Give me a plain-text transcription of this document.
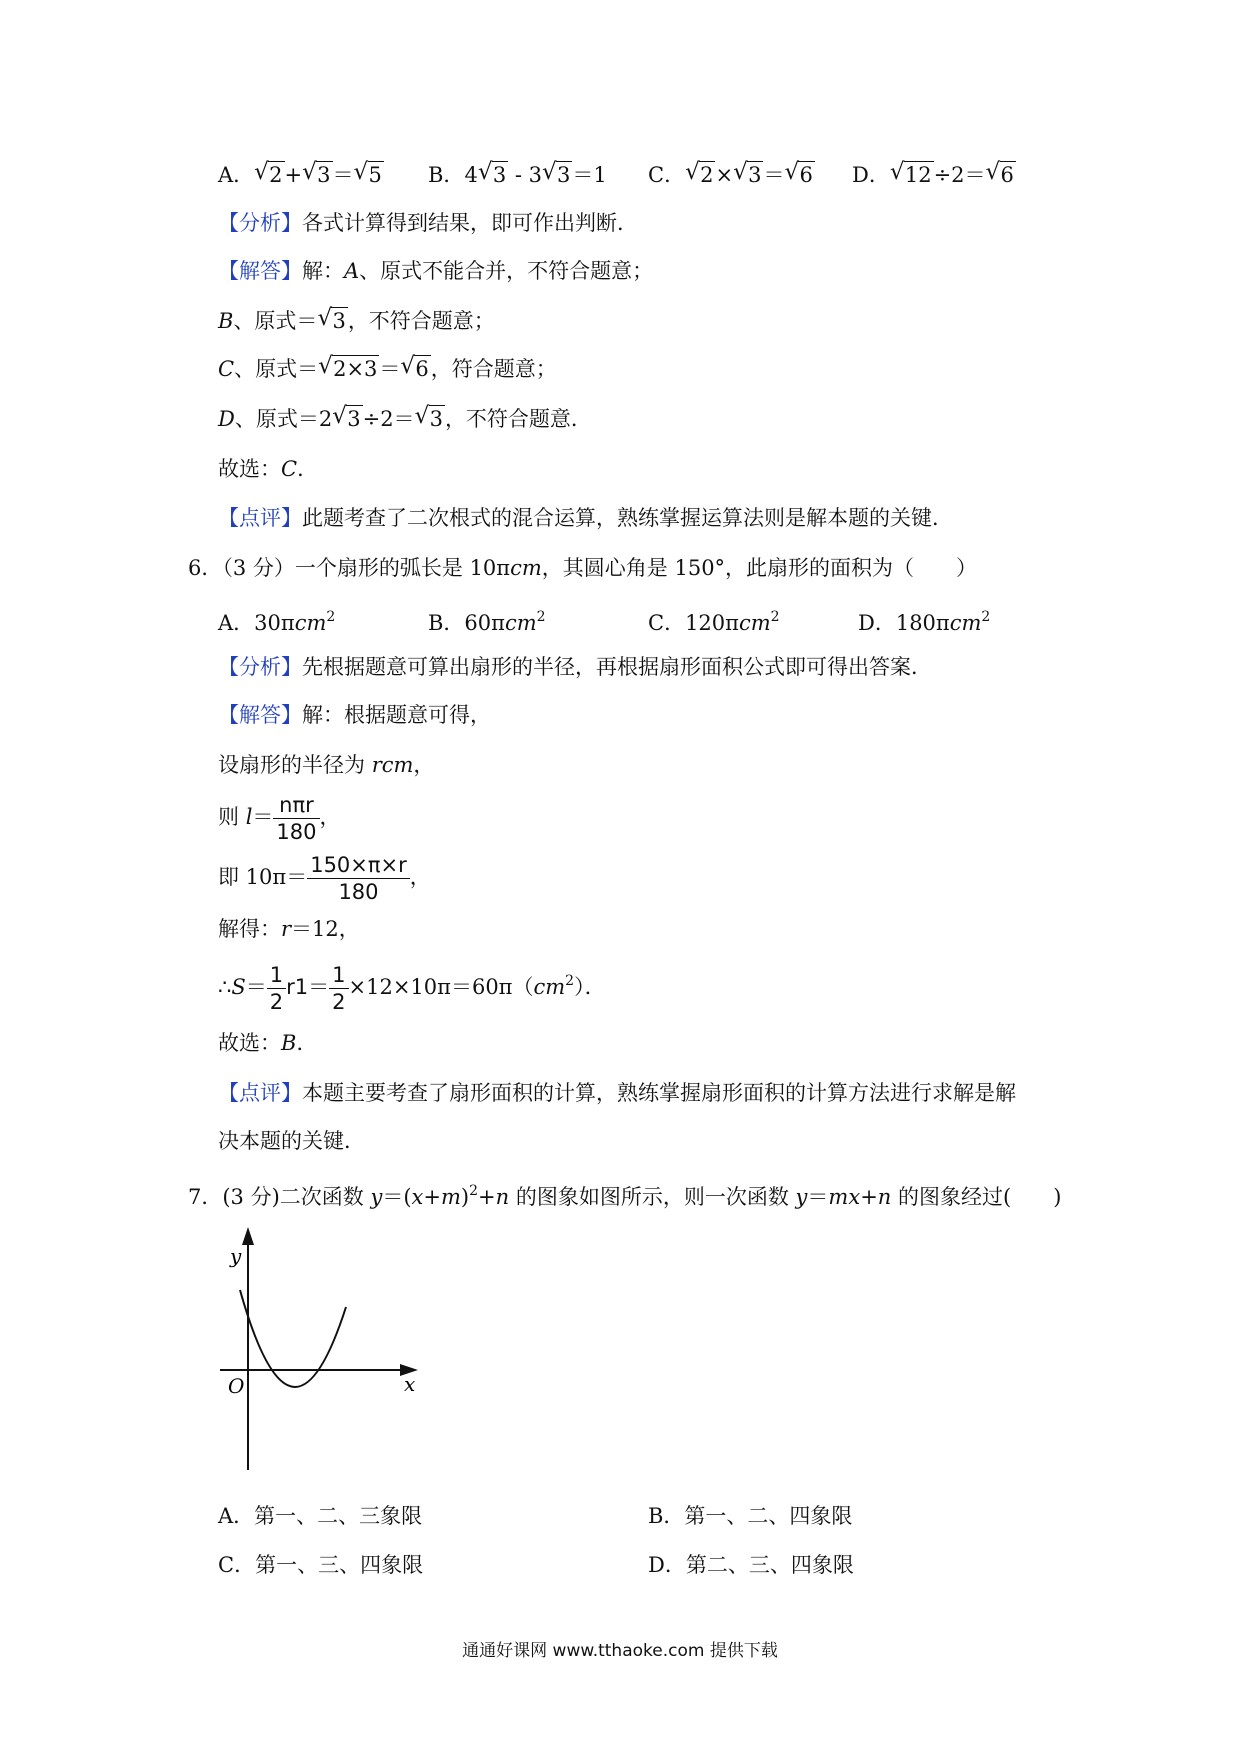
A． √ 2+ √ 3＝ √ 5 B．4 √ 3 - 3 √ 3＝1 C． √ 2× √ 3＝ √ 6 D． √ 12÷2＝ √ 6
【分析】各式计算得到结果，即可作出判断．
【解答】解：A、原式不能合并，不符合题意；
B、原式＝ √ 3，不符合题意；
C、原式＝ √ 2×3＝ √ 6，符合题意；
D、原式＝2 √ 3÷2＝ √ 3，不符合题意．
故选：C．
【点评】此题考查了二次根式的混合运算，熟练掌握运算法则是解本题的关键．
6．（3 分）一个扇形的弧长是 10πcm，其圆心角是 150°，此扇形的面积为（　　）
A．30πcm$^2$	B．60πcm$^2$	C．120πcm$^2$	D．180πcm$^2$
【分析】先根据题意可算出扇形的半径，再根据扇形面积公式即可得出答案．
【解答】解：根据题意可得，
设扇形的半径为 rcm，
则 $l= \frac{\text{nπr}}{180}$ ，
即 $10\pi= \frac{150\times\pi\times r}{180}$ ，
解得：r＝12，
∴S＝ $\frac{1}{2} r1= \frac{1}{2} \times 12\times 10\pi=60\pi(cm^2)$．
故选：B．
【点评】本题主要考查了扇形面积的计算，熟练掌握扇形面积的计算方法进行求解是解
决本题的关键．
7．(3 分)二次函数 $y=(x+m)^2+n$ 的图象如图所示，则一次函数 y＝mx+n 的图象经过(　　)
y
x
O
A．第一、二、三象限	B．第一、二、四象限
C．第一、三、四象限	D．第二、三、四象限
通通好课网 www.tthaoke.com 提供下载
